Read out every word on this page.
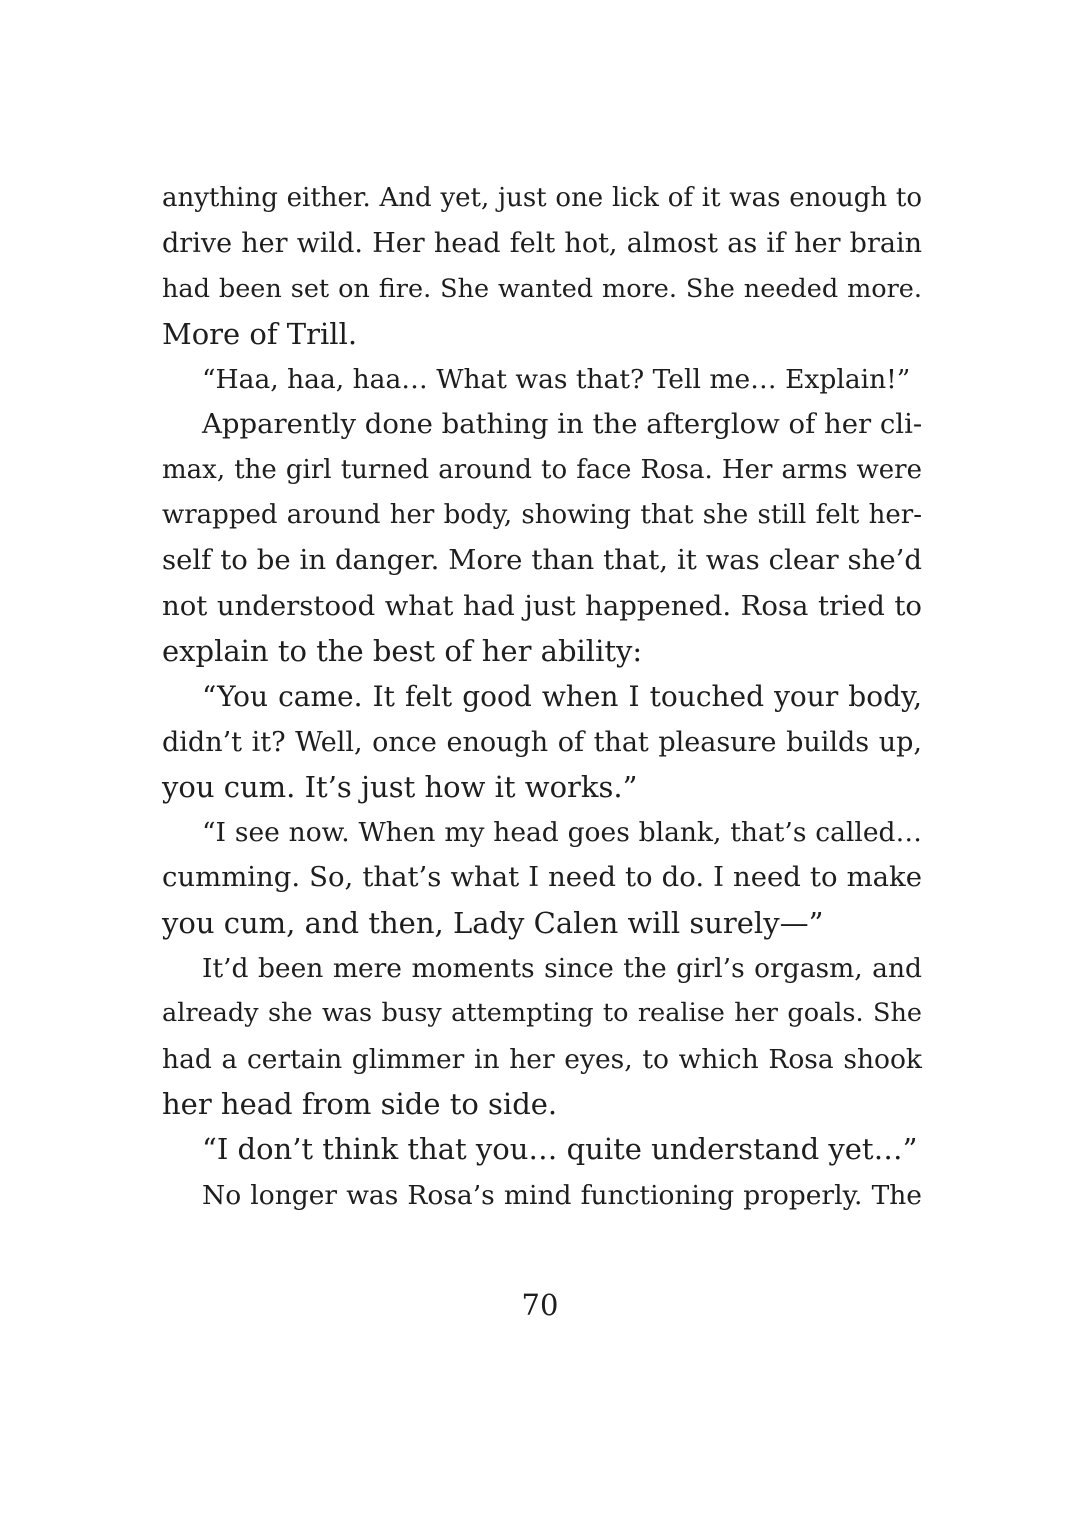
anything either. And yet, just one lick of it was enough to
drive her wild. Her head felt hot, almost as if her brain
had been set on fire. She wanted more. She needed more.
More of Trill.
“Haa, haa, haa… What was that? Tell me… Explain!”
Apparently done bathing in the afterglow of her cli-
max, the girl turned around to face Rosa. Her arms were
wrapped around her body, showing that she still felt her-
self to be in danger. More than that, it was clear she’d
not understood what had just happened. Rosa tried to
explain to the best of her ability:
“You came. It felt good when I touched your body,
didn’t it? Well, once enough of that pleasure builds up,
you cum. It’s just how it works.”
“I see now. When my head goes blank, that’s called…
cumming. So, that’s what I need to do. I need to make
you cum, and then, Lady Calen will surely—”
It’d been mere moments since the girl’s orgasm, and
already she was busy attempting to realise her goals. She
had a certain glimmer in her eyes, to which Rosa shook
her head from side to side.
“I don’t think that you… quite understand yet…”
No longer was Rosa’s mind functioning properly. The
70
